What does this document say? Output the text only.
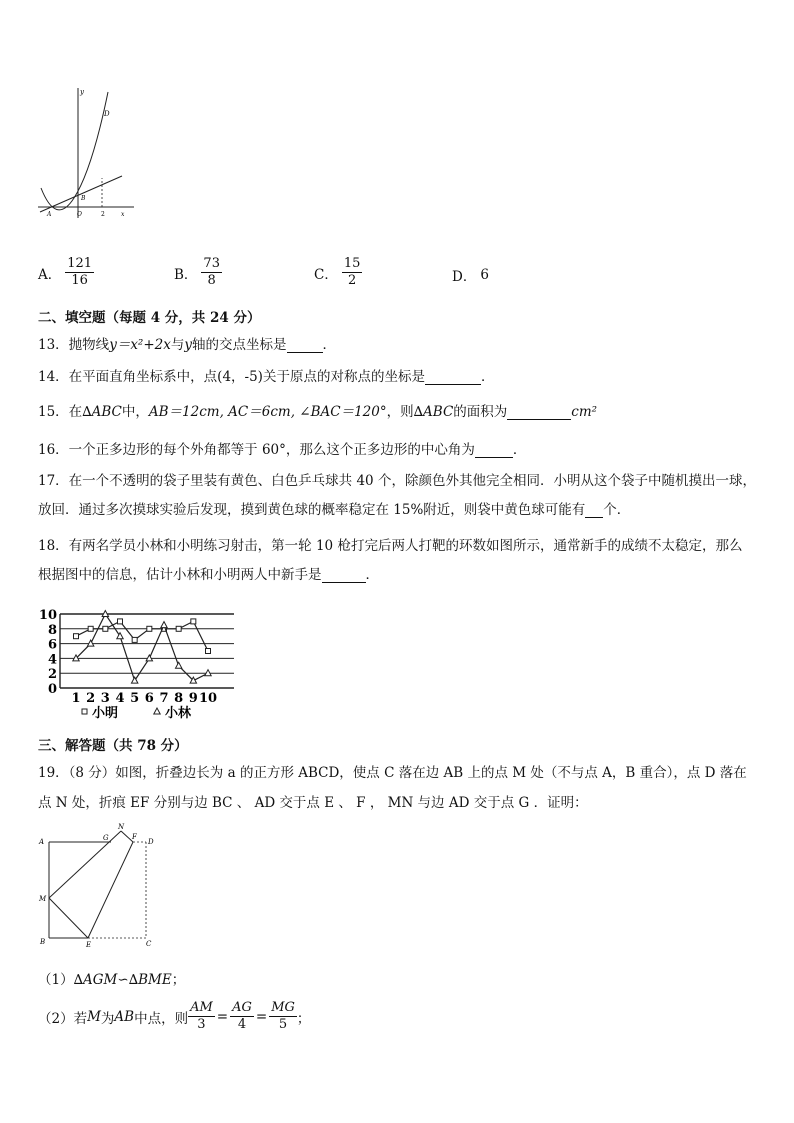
y
D
B
A	O	2	x
A． $\frac{121}{16}$	B． $\frac{73}{8}$	C． $\frac{15}{2}$	D． 6
二、填空题（每题 4 分，共 24 分）
13．抛物线y＝x²+2x与y轴的交点坐标是	．
14．在平面直角坐标系中，点(4，-5)关于原点的对称点的坐标是	．
15．在∆ABC中，AB＝12cm, AC＝6cm, ∠BAC＝120°，则∆ABC的面积为	cm²
16．一个正多边形的每个外角都等于 60°，那么这个正多边形的中心角为	．
17．在一个不透明的袋子里装有黄色、白色乒乓球共 40 个，除颜色外其他完全相同．小明从这个袋子中随机摸出一球，
放回．通过多次摸球实验后发现，摸到黄色球的概率稳定在 15%附近，则袋中黄色球可能有 个．
18．有两名学员小林和小明练习射击，第一轮 10 枪打完后两人打靶的环数如图所示，通常新手的成绩不太稳定，那么
根据图中的信息，估计小林和小明两人中新手是	．
0
2
4
6
8
10
1 2 3 4 5 6 7 8 9 10
小明	小林
三、解答题（共 78 分）
19．（8 分）如图，折叠边长为 a 的正方形 ABCD，使点 C 落在边 AB 上的点 M 处（不与点 A，B 重合），点 D 落在
点 N 处，折痕 EF 分别与边 BC 、 AD 交于点 E 、 F ， MN 与边 AD 交于点 G ．证明：
A	G
N
F
D
M
B	E	C
（1）∆AGM∽∆BME；
（2）若 M 为 AB 中点，则 $\frac{AM}{3} = \frac{AG}{4} = \frac{MG}{5}$ ；
